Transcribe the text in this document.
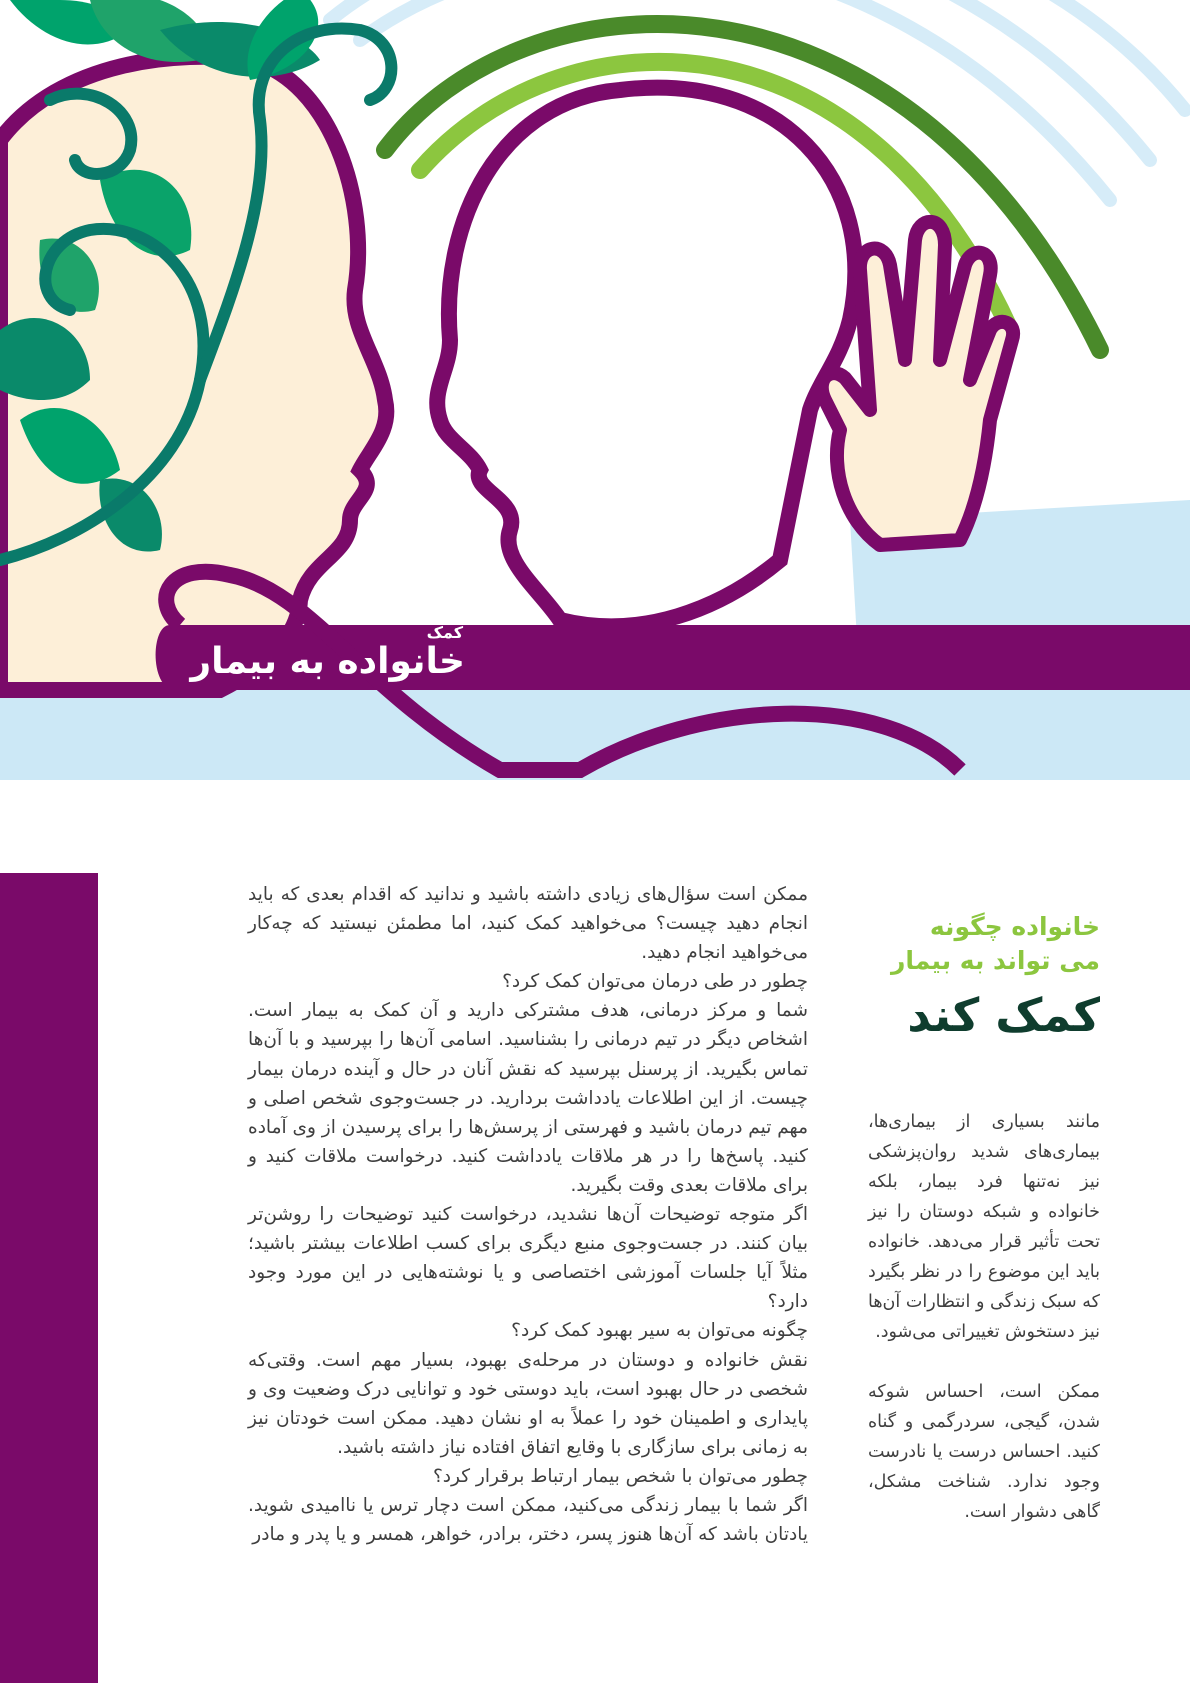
کمک
خانواده به بیمار

ممکن است سؤال‌های زیادی داشته باشید و ندانید که اقدام بعدی که باید انجام دهید چیست؟ می‌خواهید کمک کنید، اما مطمئن نیستید که چه‌کار می‌خواهید انجام دهید.

چطور در طی درمان می‌توان کمک کرد؟

شما و مرکز درمانی، هدف مشترکی دارید و آن کمک به بیمار است. اشخاص دیگر در تیم درمانی را بشناسید. اسامی آن‌ها را بپرسید و با آن‌ها تماس بگیرید. از پرسنل بپرسید که نقش آنان در حال و آینده درمان بیمار چیست. از این اطلاعات یادداشت بردارید. در جست‌وجوی شخص اصلی و مهم تیم درمان باشید و فهرستی از پرسش‌ها را برای پرسیدن از وی آماده کنید. پاسخ‌ها را در هر ملاقات یادداشت کنید. درخواست ملاقات کنید و برای ملاقات بعدی وقت بگیرید.

اگر متوجه توضیحات آن‌ها نشدید، درخواست کنید توضیحات را روشن‌تر بیان کنند. در جست‌وجوی منبع دیگری برای کسب اطلاعات بیشتر باشید؛ مثلاً آیا جلسات آموزشی اختصاصی و یا نوشته‌هایی در این مورد وجود دارد؟

چگونه می‌توان به سیر بهبود کمک کرد؟

نقش خانواده و دوستان در مرحله‌ی بهبود، بسیار مهم است. وقتی‌که شخصی در حال بهبود است، باید دوستی خود و توانایی درک وضعیت وی و پایداری و اطمینان خود را عملاً به او نشان دهید. ممکن است خودتان نیز به زمانی برای سازگاری با وقایع اتفاق افتاده نیاز داشته باشید.

چطور می‌توان با شخص بیمار ارتباط برقرار کرد؟

اگر شما با بیمار زندگی می‌کنید، ممکن است دچار ترس یا ناامیدی شوید. یادتان باشد که آن‌ها هنوز پسر، دختر، برادر، خواهر، همسر و یا پدر و مادر

خانواده چگونه
می تواند به بیمار
کمک کند

مانند بسیاری از بیماری‌ها، بیماری‌های شدید روان‌پزشکی نیز نه‌تنها فرد بیمار، بلکه خانواده و شبکه دوستان را نیز تحت تأثیر قرار می‌دهد. خانواده باید این موضوع را در نظر بگیرد که سبک زندگی و انتظارات آن‌ها نیز دستخوش تغییراتی می‌شود.

ممکن است، احساس شوکه شدن، گیجی، سردرگمی و گناه کنید. احساس درست یا نادرست وجود ندارد. شناخت مشکل، گاهی دشوار است.
